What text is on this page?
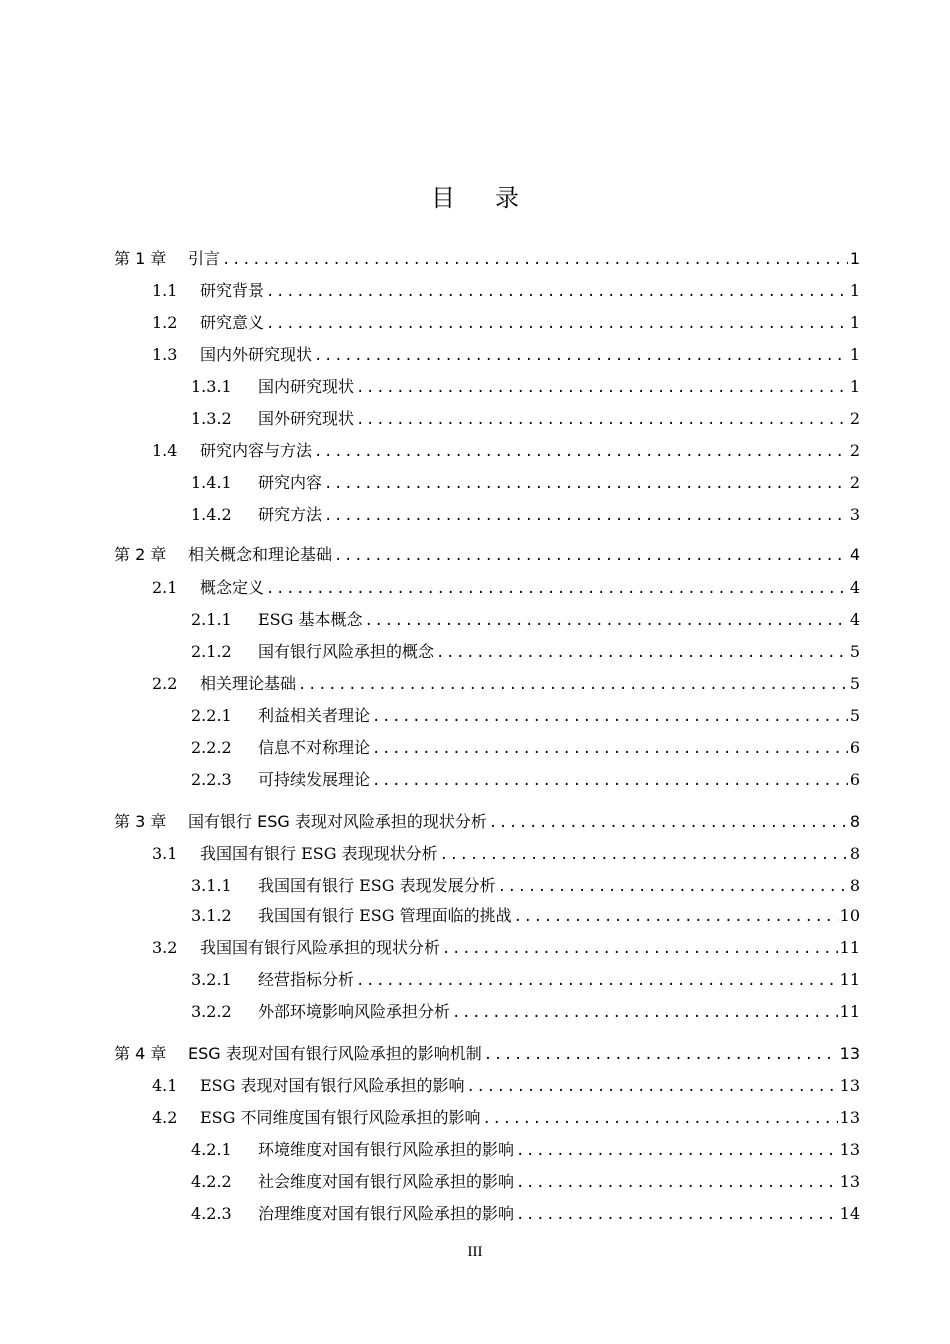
目 录
第 1 章	引言 .....	1
1.1	研究背景 .....	1
1.2	研究意义 .....	1
1.3	国内外研究现状 .....	1
1.3.1	国内研究现状 .....	1
1.3.2	国外研究现状 .....	2
1.4	研究内容与方法 .....	2
1.4.1	研究内容 .....	2
1.4.2	研究方法 .....	3
第 2 章	相关概念和理论基础 .....	4
2.1	概念定义 .....	4
2.1.1	ESG 基本概念 .....	4
2.1.2	国有银行风险承担的概念 .....	5
2.2	相关理论基础 .....	5
2.2.1	利益相关者理论 .....	5
2.2.2	信息不对称理论 .....	6
2.2.3	可持续发展理论 .....	6
第 3 章	国有银行 ESG 表现对风险承担的现状分析 .....	8
3.1	我国国有银行 ESG 表现现状分析 .....	8
3.1.1	我国国有银行 ESG 表现发展分析 .....	8
3.1.2	我国国有银行 ESG 管理面临的挑战 .....	10
3.2	我国国有银行风险承担的现状分析 .....	11
3.2.1	经营指标分析 .....	11
3.2.2	外部环境影响风险承担分析 .....	11
第 4 章	ESG 表现对国有银行风险承担的影响机制 .....	13
4.1	ESG 表现对国有银行风险承担的影响 .....	13
4.2	ESG 不同维度国有银行风险承担的影响 .....	13
4.2.1	环境维度对国有银行风险承担的影响 .....	13
4.2.2	社会维度对国有银行风险承担的影响 .....	13
4.2.3	治理维度对国有银行风险承担的影响 .....	14
III
